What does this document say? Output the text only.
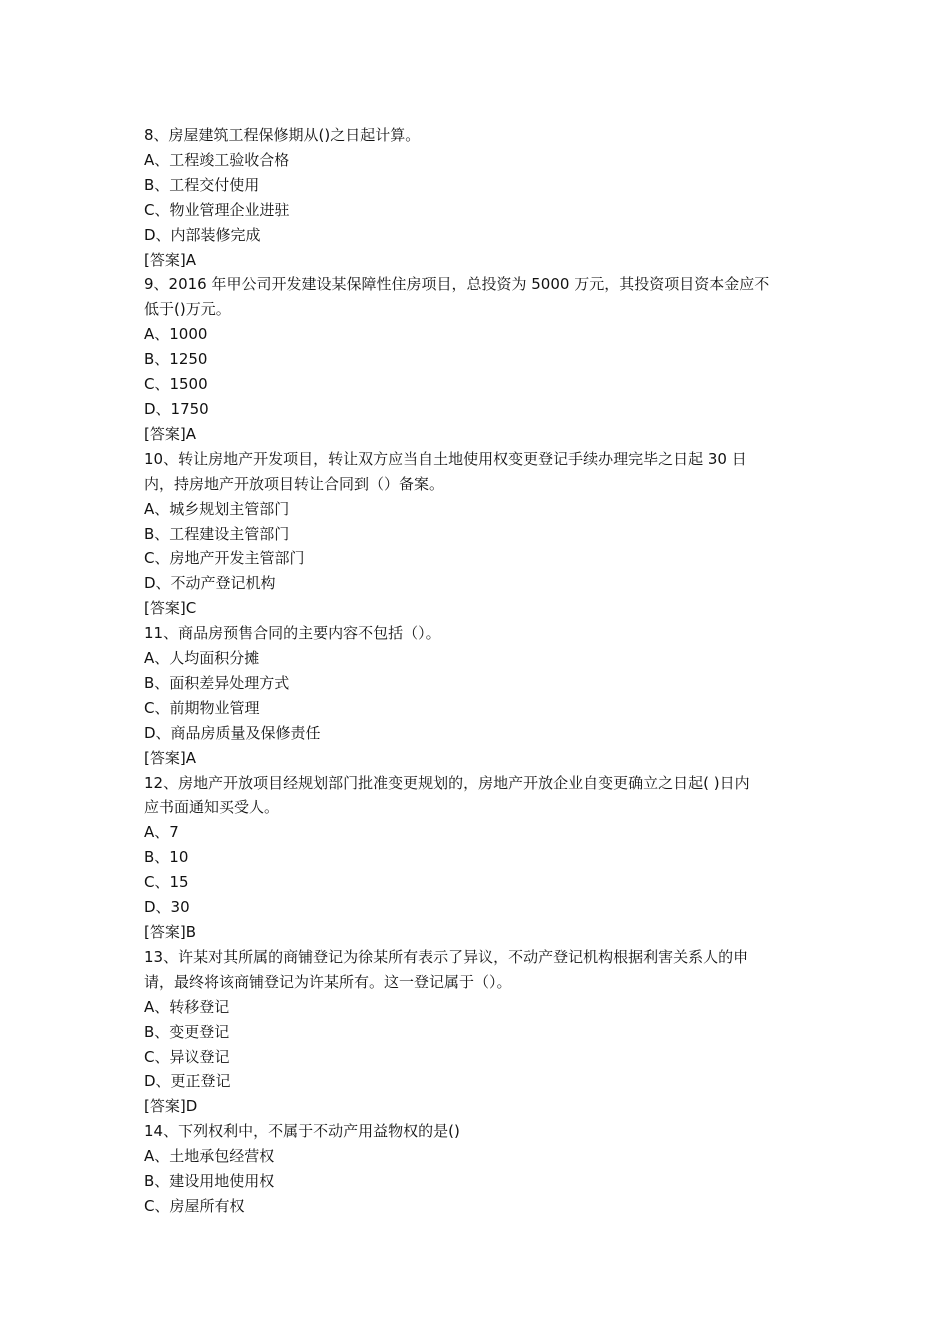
8、房屋建筑工程保修期从()之日起计算。
A、工程竣工验收合格
B、工程交付使用
C、物业管理企业进驻
D、内部装修完成
[答案]A
9、2016 年甲公司开发建设某保障性住房项目，总投资为 5000 万元，其投资项目资本金应不
低于()万元。
A、1000
B、1250
C、1500
D、1750
[答案]A
10、转让房地产开发项目，转让双方应当自土地使用权变更登记手续办理完毕之日起 30 日
内，持房地产开放项目转让合同到（）备案。
A、城乡规划主管部门
B、工程建设主管部门
C、房地产开发主管部门
D、不动产登记机构
[答案]C
11、商品房预售合同的主要内容不包括（）。
A、人均面积分摊
B、面积差异处理方式
C、前期物业管理
D、商品房质量及保修责任
[答案]A
12、房地产开放项目经规划部门批准变更规划的，房地产开放企业自变更确立之日起( )日内
应书面通知买受人。
A、7
B、10
C、15
D、30
[答案]B
13、许某对其所属的商铺登记为徐某所有表示了异议，不动产登记机构根据利害关系人的申
请，最终将该商铺登记为许某所有。这一登记属于（）。
A、转移登记
B、变更登记
C、异议登记
D、更正登记
[答案]D
14、下列权利中，不属于不动产用益物权的是()
A、土地承包经营权
B、建设用地使用权
C、房屋所有权
